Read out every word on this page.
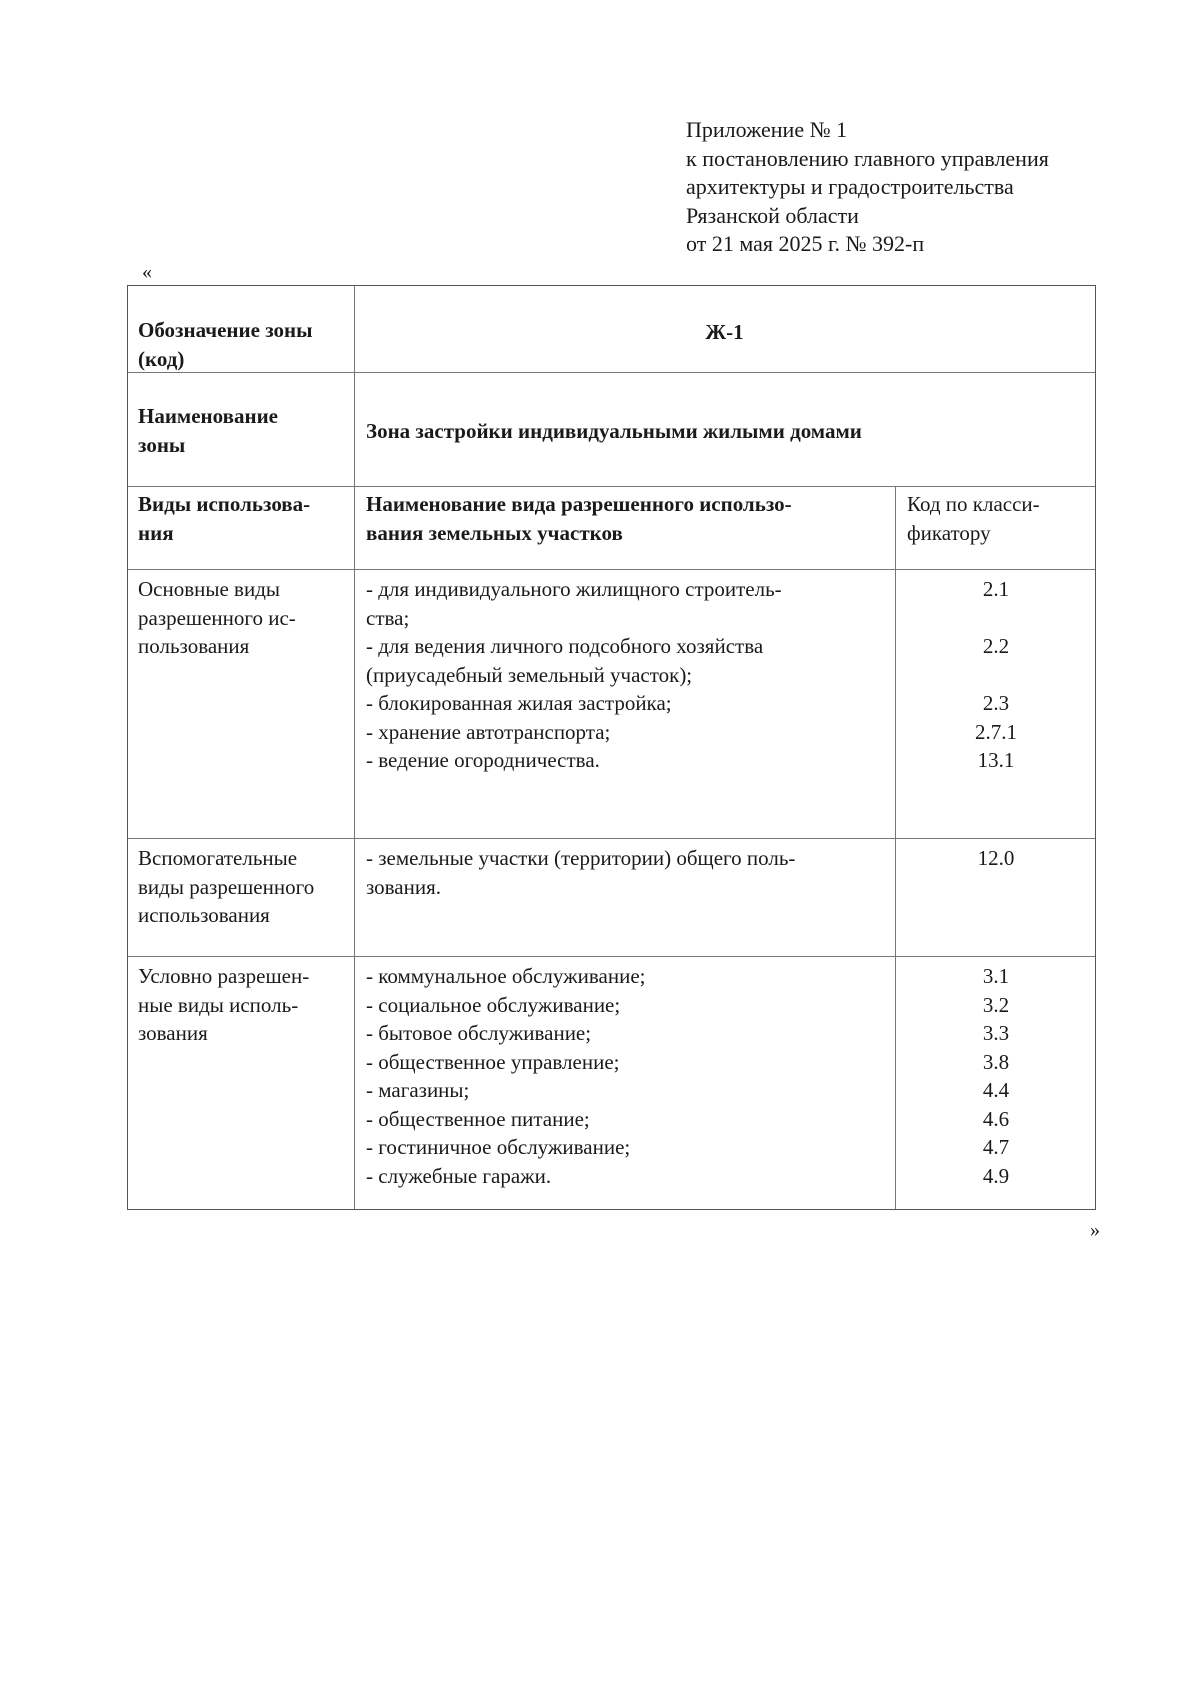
Приложение № 1
к постановлению главного управления
архитектуры и градостроительства
Рязанской области
от 21 мая 2025 г. № 392-п
«
Обозначение зоны
(код)
Ж-1
Наименование
зоны
Зона застройки индивидуальными жилыми домами
Виды использова-
ния
Наименование вида разрешенного использо-
вания земельных участков
Код по класси-
фикатору
Основные виды
разрешенного ис-
пользования
- для индивидуального жилищного строитель-
ства;
- для ведения личного подсобного хозяйства
(приусадебный земельный участок);
- блокированная жилая застройка;
- хранение автотранспорта;
- ведение огородничества.
2.1
2.2
2.3
2.7.1
13.1
Вспомогательные
виды разрешенного
использования
- земельные участки (территории) общего поль-
зования.
12.0
Условно разрешен-
ные виды исполь-
зования
- коммунальное обслуживание;
- социальное обслуживание;
- бытовое обслуживание;
- общественное управление;
- магазины;
- общественное питание;
- гостиничное обслуживание;
- служебные гаражи.
3.1
3.2
3.3
3.8
4.4
4.6
4.7
4.9
»
